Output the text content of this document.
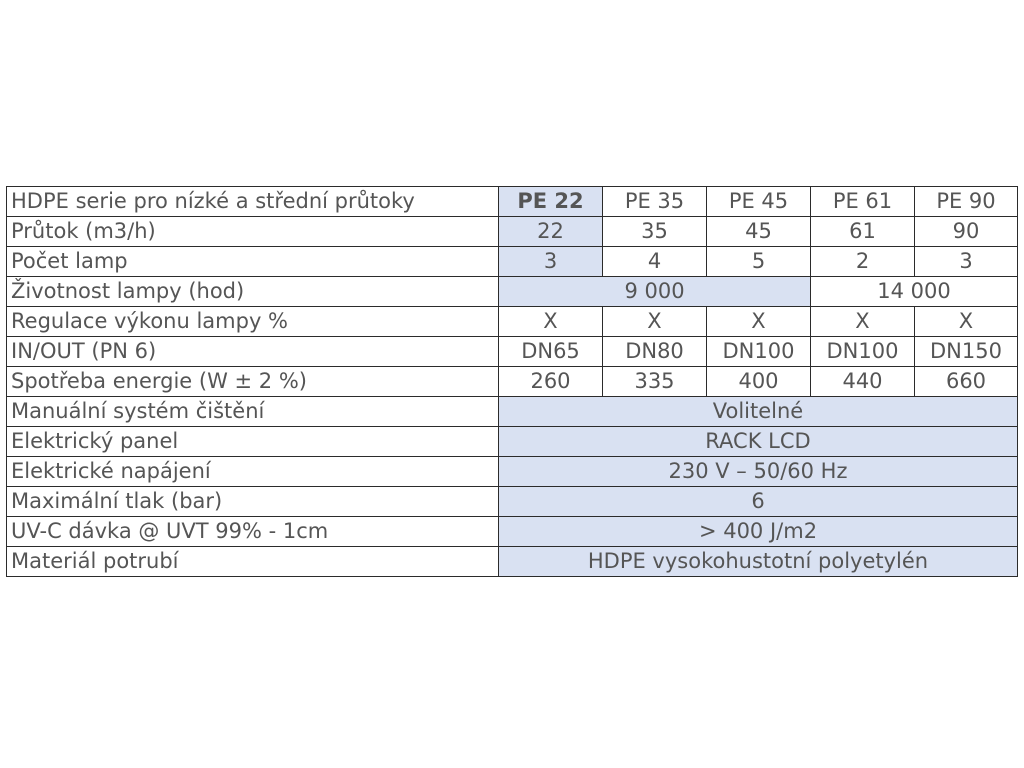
HDPE serie pro nízké a střední průtoky	PE 22	PE 35	PE 45	PE 61	PE 90
Průtok (m3/h)	22	35	45	61	90
Počet lamp	3	4	5	2	3
Životnost lampy (hod)	9 000			14 000	
Regulace výkonu lampy %	X	X	X	X	X
IN/OUT (PN 6)	DN65	DN80	DN100	DN100	DN150
Spotřeba energie (W ± 2 %)	260	335	400	440	660
Manuální systém čištění	Volitelné				
Elektrický panel	RACK LCD				
Elektrické napájení	230 V – 50/60 Hz				
Maximální tlak (bar)	6				
UV-C dávka @ UVT 99% - 1cm	> 400 J/m2				
Materiál potrubí	HDPE vysokohustotní polyetylén				
